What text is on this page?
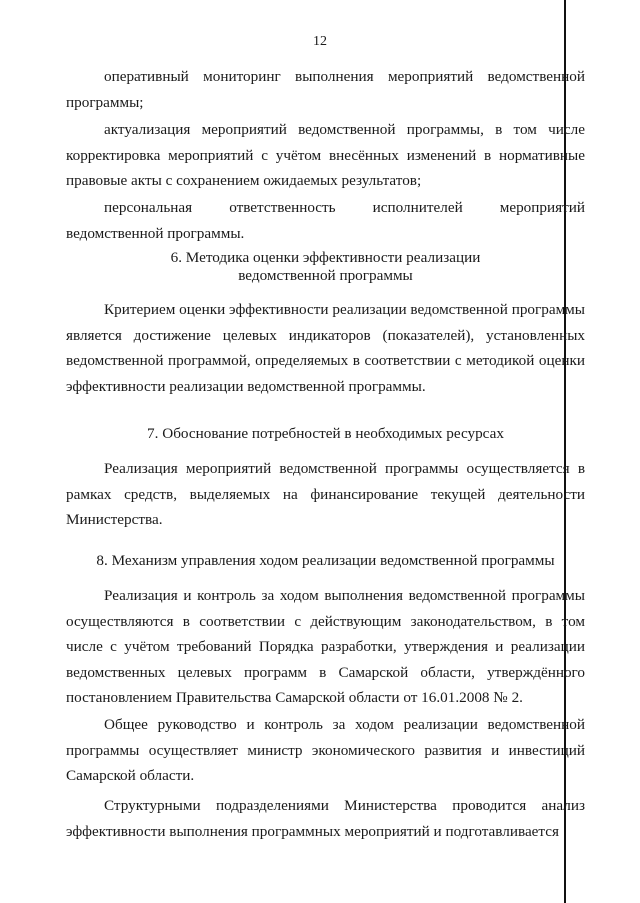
12

оперативный мониторинг выполнения мероприятий ведомственной программы;

актуализация мероприятий ведомственной программы, в том числе корректировка мероприятий с учётом внесённых изменений в нормативные правовые акты с сохранением ожидаемых результатов;

персональная ответственность исполнителей мероприятий ведомственной программы.

6. Методика оценки эффективности реализации
ведомственной программы

Критерием оценки эффективности реализации ведомственной программы является достижение целевых индикаторов (показателей), установленных ведомственной программой, определяемых в соответствии с методикой оценки эффективности реализации ведомственной программы.

7. Обоснование потребностей в необходимых ресурсах

Реализация мероприятий ведомственной программы осуществляется в рамках средств, выделяемых на финансирование текущей деятельности Министерства.

8. Механизм управления ходом реализации ведомственной программы

Реализация и контроль за ходом выполнения ведомственной программы осуществляются в соответствии с действующим законодательством, в том числе с учётом требований Порядка разработки, утверждения и реализации ведомственных целевых программ в Самарской области, утверждённого постановлением Правительства Самарской области от 16.01.2008 № 2.

Общее руководство и контроль за ходом реализации ведомственной программы осуществляет министр экономического развития и инвестиций Самарской области.

Структурными подразделениями Министерства проводится анализ эффективности выполнения программных мероприятий и подготавливается
